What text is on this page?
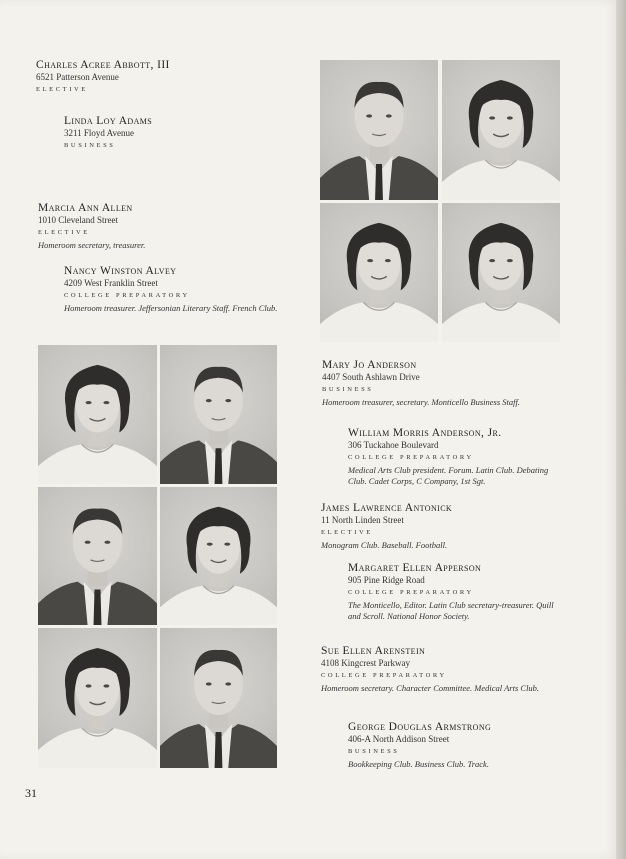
Charles Acree Abbott, III
6521 Patterson Avenue
ELECTIVE
Linda Loy Adams
3211 Floyd Avenue
BUSINESS
Marcia Ann Allen
1010 Cleveland Street
ELECTIVE
Homeroom secretary, treasurer.
Nancy Winston Alvey
4209 West Franklin Street
COLLEGE PREPARATORY
Homeroom treasurer. Jeffersonian Literary Staff. French Club.
Mary Jo Anderson
4407 South Ashlawn Drive
BUSINESS
Homeroom treasurer, secretary. Monticello Business Staff.
William Morris Anderson, Jr.
306 Tuckahoe Boulevard
COLLEGE PREPARATORY
Medical Arts Club president. Forum. Latin Club. Debating Club. Cadet Corps, C Company, 1st Sgt.
James Lawrence Antonick
11 North Linden Street
ELECTIVE
Monogram Club. Baseball. Football.
Margaret Ellen Apperson
905 Pine Ridge Road
COLLEGE PREPARATORY
The Monticello, Editor. Latin Club secretary-treasurer. Quill and Scroll. National Honor Society.
Sue Ellen Arenstein
4108 Kingcrest Parkway
COLLEGE PREPARATORY
Homeroom secretary. Character Committee. Medical Arts Club.
George Douglas Armstrong
406-A North Addison Street
BUSINESS
Bookkeeping Club. Business Club. Track.
31
